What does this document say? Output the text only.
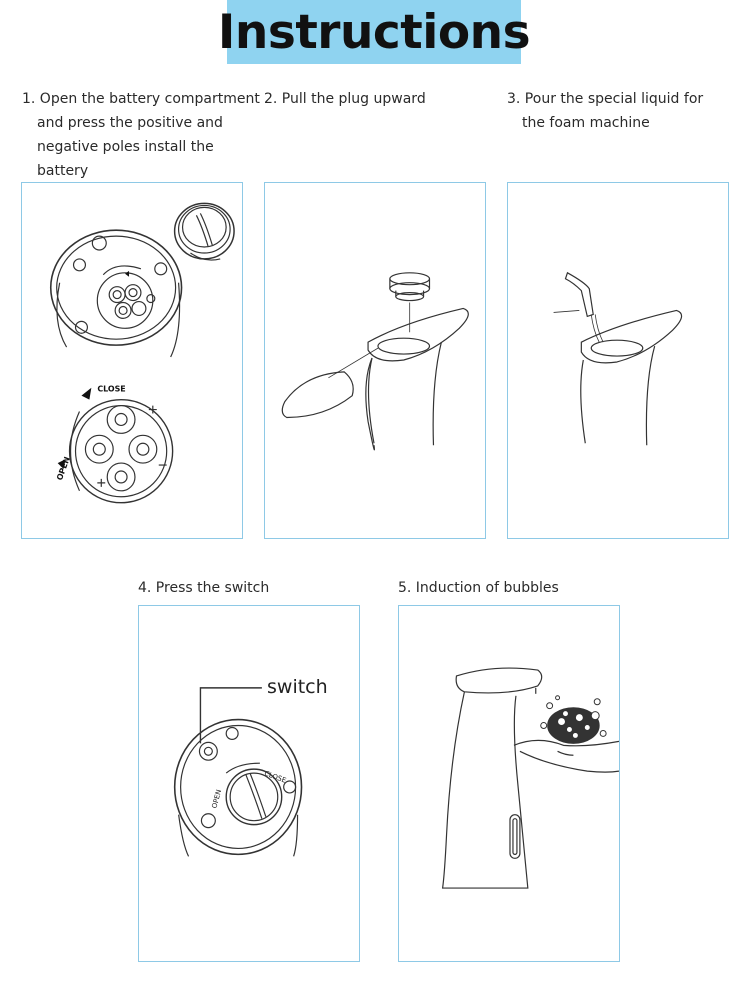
Instructions
1. Open the battery compartment
and press the positive and
negative poles install the
battery
2. Pull the plug upward	3. Pour the special liquid for
the foam machine
4. Press the switch	5. Induction of bubbles
CLOSE
OPEN
CLOSE
OPEN
switch
